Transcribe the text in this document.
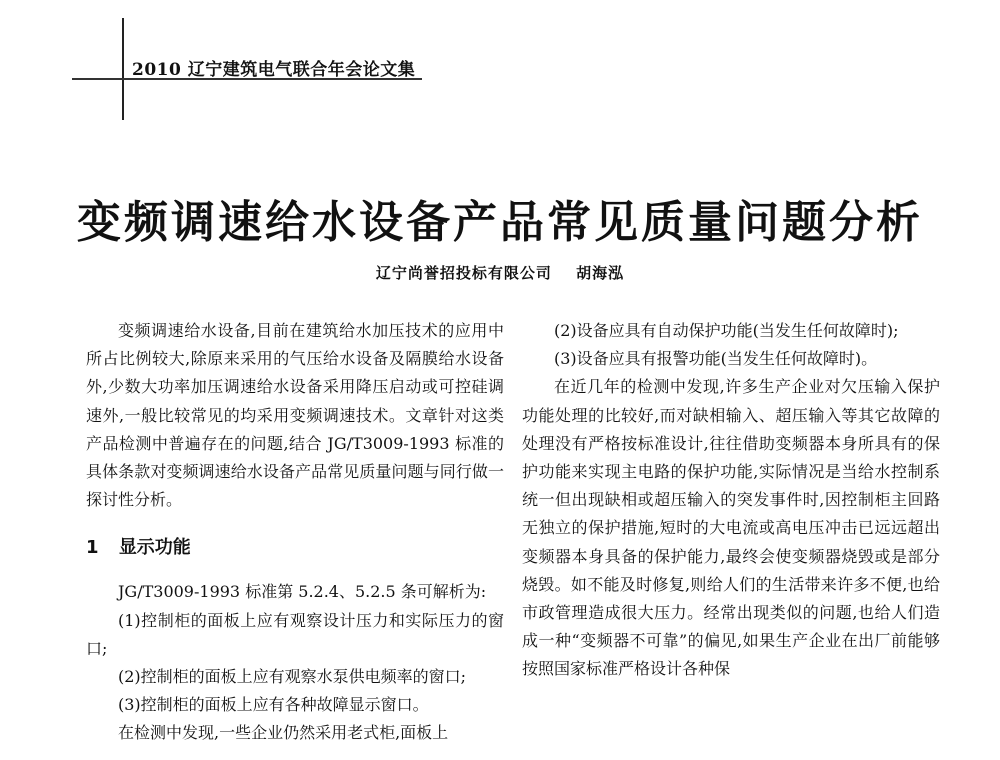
2010 辽宁建筑电气联合年会论文集
变频调速给水设备产品常见质量问题分析
辽宁尚誉招投标有限公司 胡海泓

变频调速给水设备,目前在建筑给水加压技术的应用中所占比例较大,除原来采用的气压给水设备及隔膜给水设备外,少数大功率加压调速给水设备采用降压启动或可控硅调速外,一般比较常见的均采用变频调速技术。文章针对这类产品检测中普遍存在的问题,结合 JG/T3009-1993 标准的具体条款对变频调速给水设备产品常见质量问题与同行做一探讨性分析。

1 显示功能

JG/T3009-1993 标准第 5.2.4、5.2.5 条可解析为:

(1)控制柜的面板上应有观察设计压力和实际压力的窗口;

(2)控制柜的面板上应有观察水泵供电频率的窗口;

(3)控制柜的面板上应有各种故障显示窗口。

在检测中发现,一些企业仍然采用老式柜,面板上

(2)设备应具有自动保护功能(当发生任何故障时);

(3)设备应具有报警功能(当发生任何故障时)。

在近几年的检测中发现,许多生产企业对欠压输入保护功能处理的比较好,而对缺相输入、超压输入等其它故障的处理没有严格按标准设计,往往借助变频器本身所具有的保护功能来实现主电路的保护功能,实际情况是当给水控制系统一但出现缺相或超压输入的突发事件时,因控制柜主回路无独立的保护措施,短时的大电流或高电压冲击已远远超出变频器本身具备的保护能力,最终会使变频器烧毁或是部分烧毁。如不能及时修复,则给人们的生活带来许多不便,也给市政管理造成很大压力。经常出现类似的问题,也给人们造成一种“变频器不可靠”的偏见,如果生产企业在出厂前能够按照国家标准严格设计各种保
